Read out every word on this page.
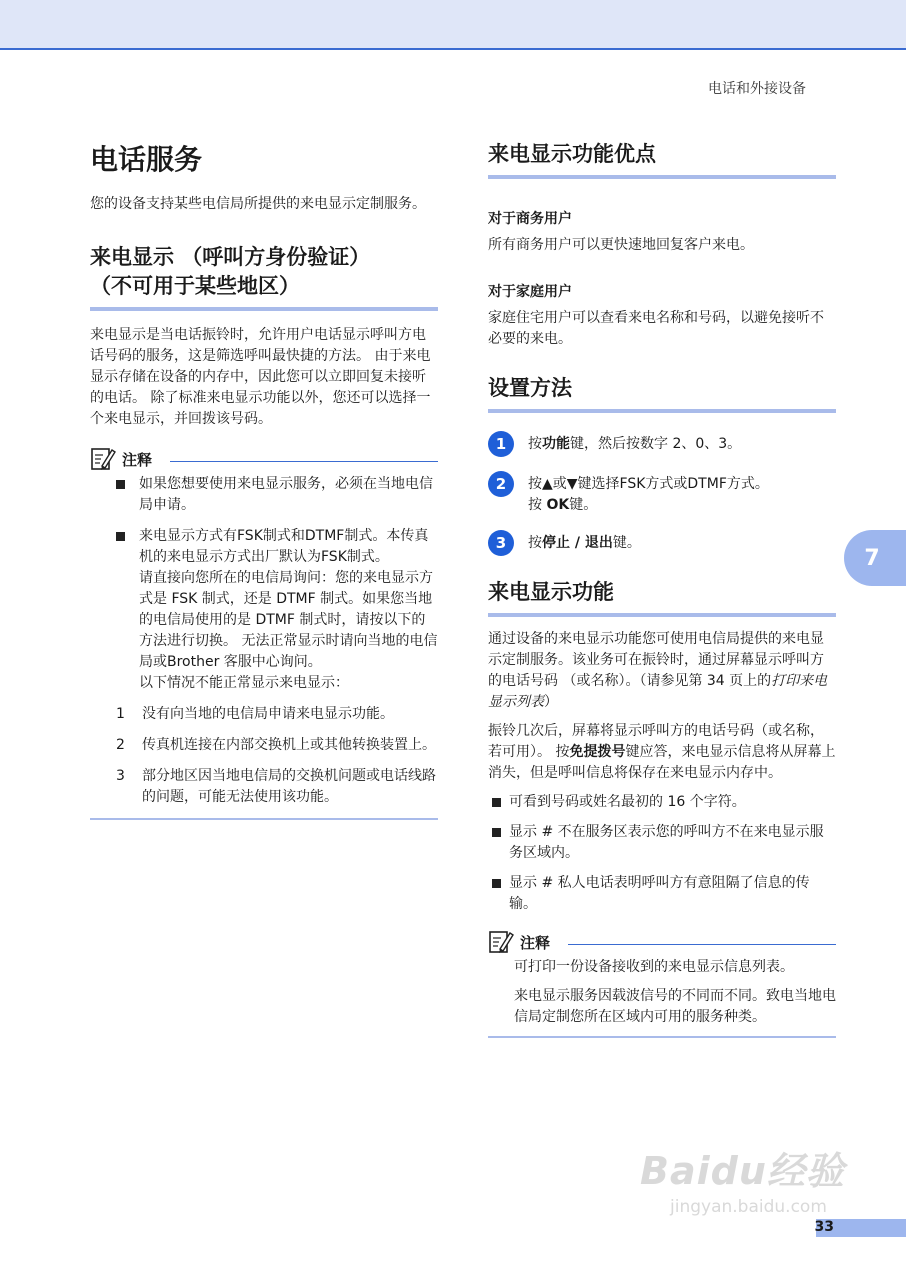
电话和外接设备
电话服务

您的设备支持某些电信局所提供的来电显示定制服务。

来电显示 （呼叫方身份验证）
（不可用于某些地区）

来电显示是当电话振铃时，允许用户电话显示呼叫方电话号码的服务，这是筛选呼叫最快捷的方法。 由于来电显示存储在设备的内存中，因此您可以立即回复未接听的电话。 除了标准来电显示功能以外，您还可以选择一个来电显示，并回拨该号码。

注释
如果您想要使用来电显示服务，必须在当地电信局申请。
来电显示方式有FSK制式和DTMF制式。本传真机的来电显示方式出厂默认为FSK制式。
请直接向您所在的电信局询问：您的来电显示方式是 FSK 制式，还是 DTMF 制式。如果您当地的电信局使用的是 DTMF 制式时，请按以下的方法进行切换。 无法正常显示时请向当地的电信局或Brother 客服中心询问。
以下情况不能正常显示来电显示：
1	没有向当地的电信局申请来电显示功能。
2	传真机连接在内部交换机上或其他转换装置上。
3	部分地区因当地电信局的交换机问题或电话线路的问题，可能无法使用该功能。
来电显示功能优点
对于商务用户

所有商务用户可以更快速地回复客户来电。

对于家庭用户

家庭住宅用户可以查看来电名称和号码，以避免接听不必要的来电。

设置方法
1	按功能键，然后按数字 2、0、3。
2	按▲或▼键选择FSK方式或DTMF方式。
按 OK键。
3	按停止 / 退出键。
来电显示功能

通过设备的来电显示功能您可使用电信局提供的来电显示定制服务。该业务可在振铃时，通过屏幕显示呼叫方的电话号码 （或名称）。（请参见第 34 页上的打印来电显示列表）

振铃几次后，屏幕将显示呼叫方的电话号码（或名称，若可用）。 按免提拨号键应答，来电显示信息将从屏幕上消失，但是呼叫信息将保存在来电显示内存中。

可看到号码或姓名最初的 16 个字符。
显示 # 不在服务区表示您的呼叫方不在来电显示服务区域内。
显示 # 私人电话表明呼叫方有意阻隔了信息的传输。
注释

可打印一份设备接收到的来电显示信息列表。

来电显示服务因载波信号的不同而不同。致电当地电信局定制您所在区域内可用的服务种类。

7
Baidu经验
jingyan.baidu.com
33
